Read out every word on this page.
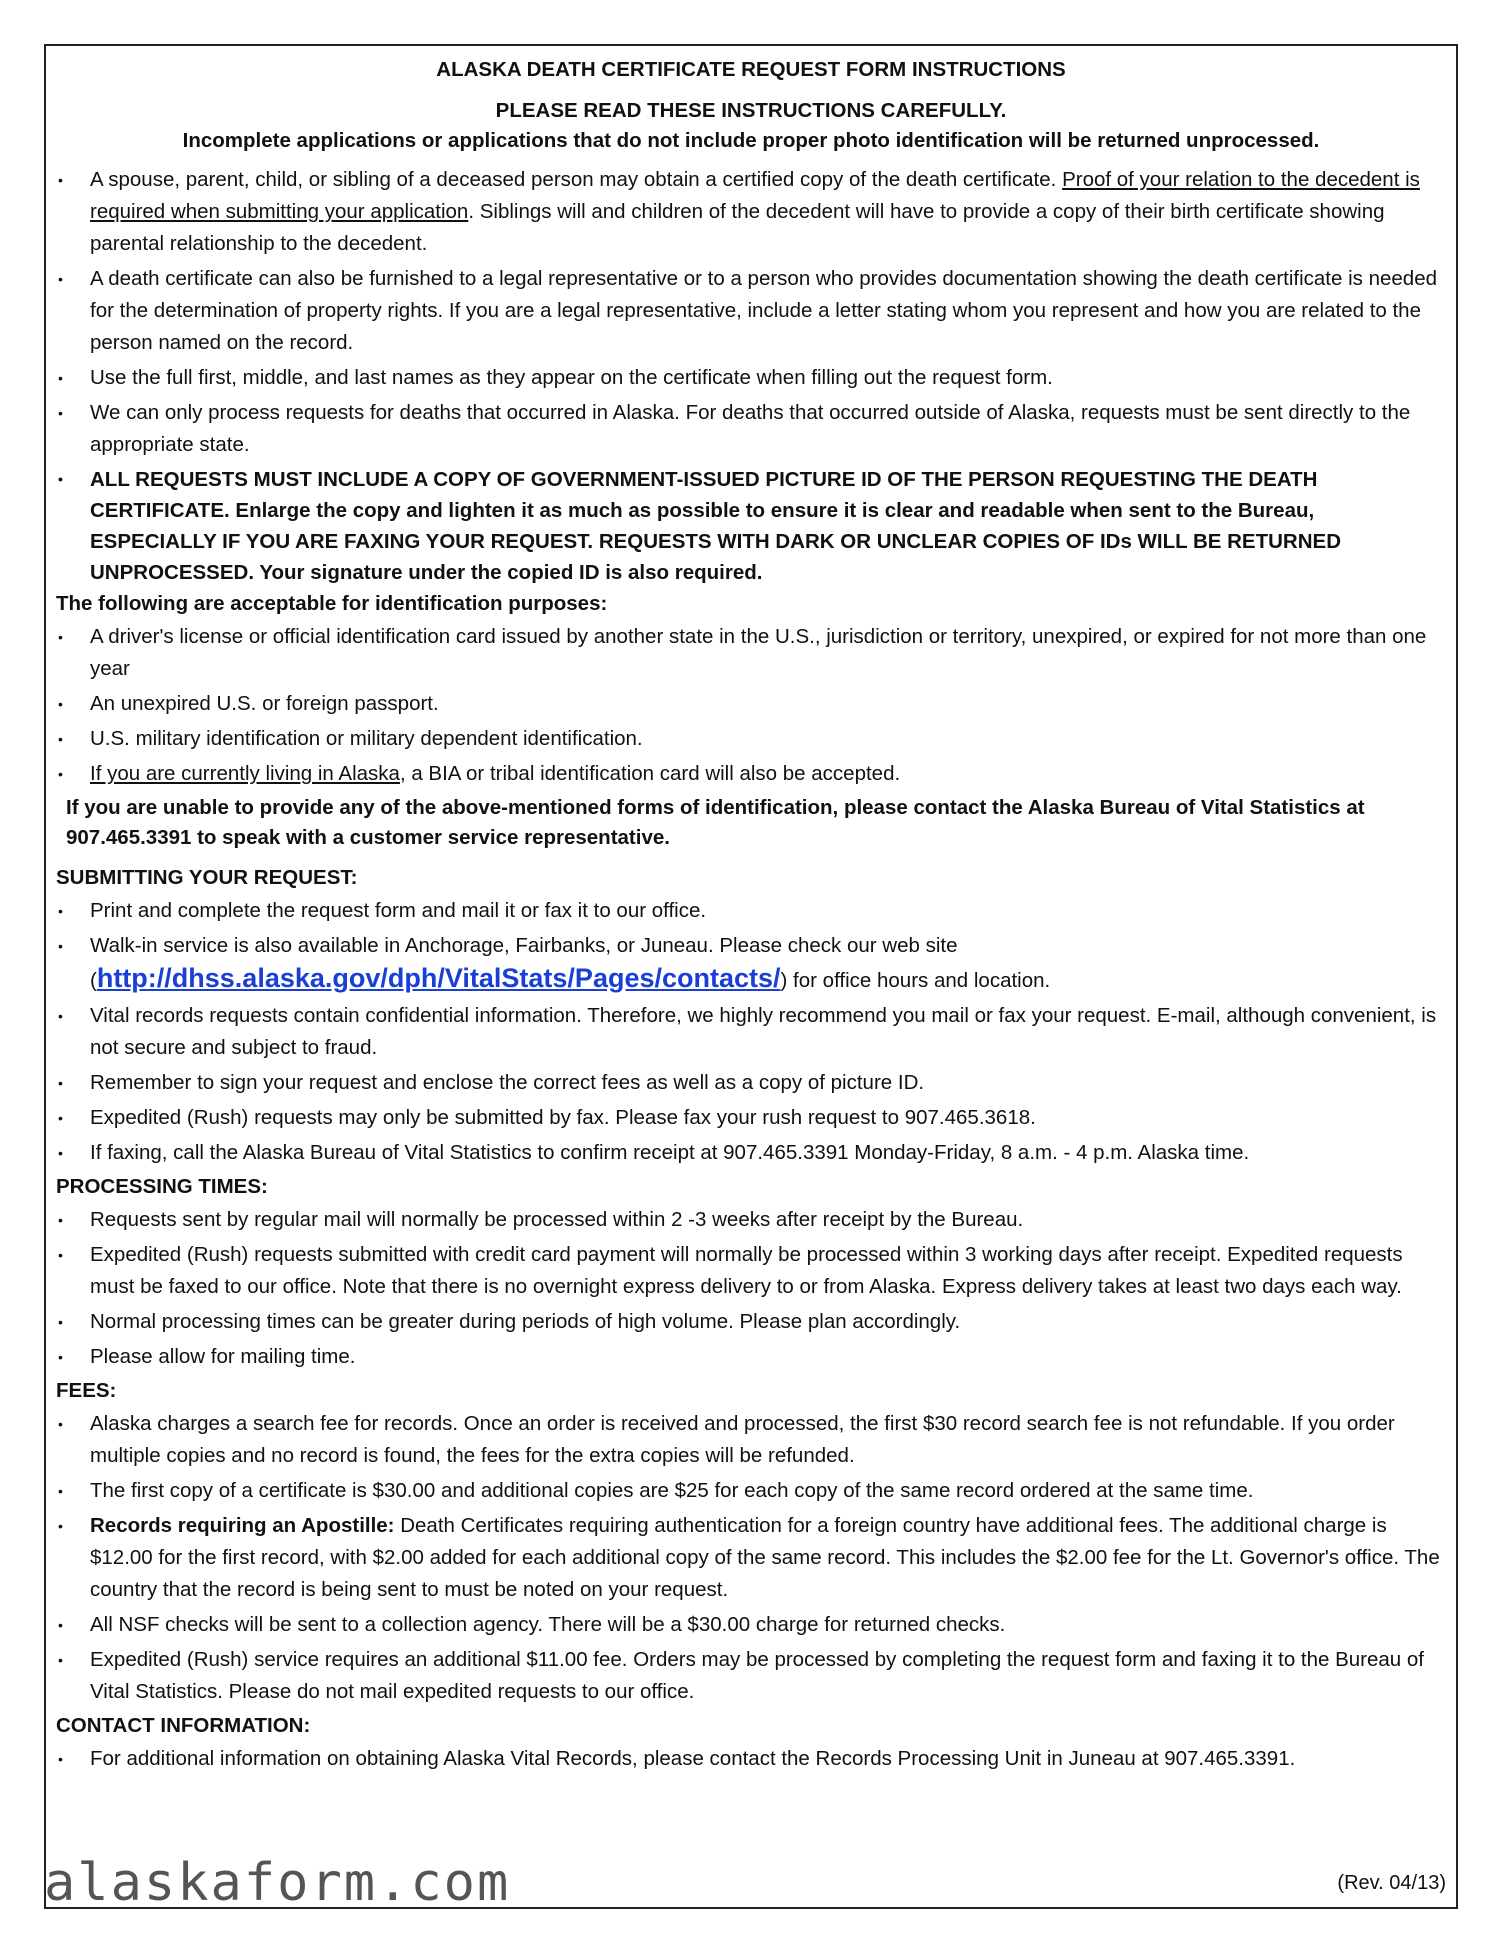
ALASKA DEATH CERTIFICATE REQUEST FORM INSTRUCTIONS
PLEASE READ THESE INSTRUCTIONS CAREFULLY.
Incomplete applications or applications that do not include proper photo identification will be returned unprocessed.
• A spouse, parent, child, or sibling of a deceased person may obtain a certified copy of the death certificate. Proof of your relation to the decedent is required when submitting your application. Siblings will and children of the decedent will have to provide a copy of their birth certificate showing parental relationship to the decedent.
• A death certificate can also be furnished to a legal representative or to a person who provides documentation showing the death certificate is needed for the determination of property rights. If you are a legal representative, include a letter stating whom you represent and how you are related to the person named on the record.
• Use the full first, middle, and last names as they appear on the certificate when filling out the request form.
• We can only process requests for deaths that occurred in Alaska. For deaths that occurred outside of Alaska, requests must be sent directly to the appropriate state.
• ALL REQUESTS MUST INCLUDE A COPY OF GOVERNMENT-ISSUED PICTURE ID OF THE PERSON REQUESTING THE DEATH CERTIFICATE. Enlarge the copy and lighten it as much as possible to ensure it is clear and readable when sent to the Bureau, ESPECIALLY IF YOU ARE FAXING YOUR REQUEST. REQUESTS WITH DARK OR UNCLEAR COPIES OF IDs WILL BE RETURNED UNPROCESSED. Your signature under the copied ID is also required.
The following are acceptable for identification purposes:
• A driver's license or official identification card issued by another state in the U.S., jurisdiction or territory, unexpired, or expired for not more than one year
• An unexpired U.S. or foreign passport.
• U.S. military identification or military dependent identification.
• If you are currently living in Alaska, a BIA or tribal identification card will also be accepted.
If you are unable to provide any of the above-mentioned forms of identification, please contact the Alaska Bureau of Vital Statistics at 907.465.3391 to speak with a customer service representative.
SUBMITTING YOUR REQUEST:
• Print and complete the request form and mail it or fax it to our office.
• Walk-in service is also available in Anchorage, Fairbanks, or Juneau. Please check our web site (http://dhss.alaska.gov/dph/VitalStats/Pages/contacts/) for office hours and location.
• Vital records requests contain confidential information. Therefore, we highly recommend you mail or fax your request. E-mail, although convenient, is not secure and subject to fraud.
• Remember to sign your request and enclose the correct fees as well as a copy of picture ID.
• Expedited (Rush) requests may only be submitted by fax. Please fax your rush request to 907.465.3618.
• If faxing, call the Alaska Bureau of Vital Statistics to confirm receipt at 907.465.3391 Monday-Friday, 8 a.m. - 4 p.m. Alaska time.
PROCESSING TIMES:
• Requests sent by regular mail will normally be processed within 2 -3 weeks after receipt by the Bureau.
• Expedited (Rush) requests submitted with credit card payment will normally be processed within 3 working days after receipt. Expedited requests must be faxed to our office. Note that there is no overnight express delivery to or from Alaska. Express delivery takes at least two days each way.
• Normal processing times can be greater during periods of high volume. Please plan accordingly.
• Please allow for mailing time.
FEES:
• Alaska charges a search fee for records. Once an order is received and processed, the first $30 record search fee is not refundable. If you order multiple copies and no record is found, the fees for the extra copies will be refunded.
• The first copy of a certificate is $30.00 and additional copies are $25 for each copy of the same record ordered at the same time.
• Records requiring an Apostille: Death Certificates requiring authentication for a foreign country have additional fees. The additional charge is $12.00 for the first record, with $2.00 added for each additional copy of the same record. This includes the $2.00 fee for the Lt. Governor's office. The country that the record is being sent to must be noted on your request.
• All NSF checks will be sent to a collection agency. There will be a $30.00 charge for returned checks.
• Expedited (Rush) service requires an additional $11.00 fee. Orders may be processed by completing the request form and faxing it to the Bureau of Vital Statistics. Please do not mail expedited requests to our office.
CONTACT INFORMATION:
• For additional information on obtaining Alaska Vital Records, please contact the Records Processing Unit in Juneau at 907.465.3391.
alaskaform.com	(Rev. 04/13)
